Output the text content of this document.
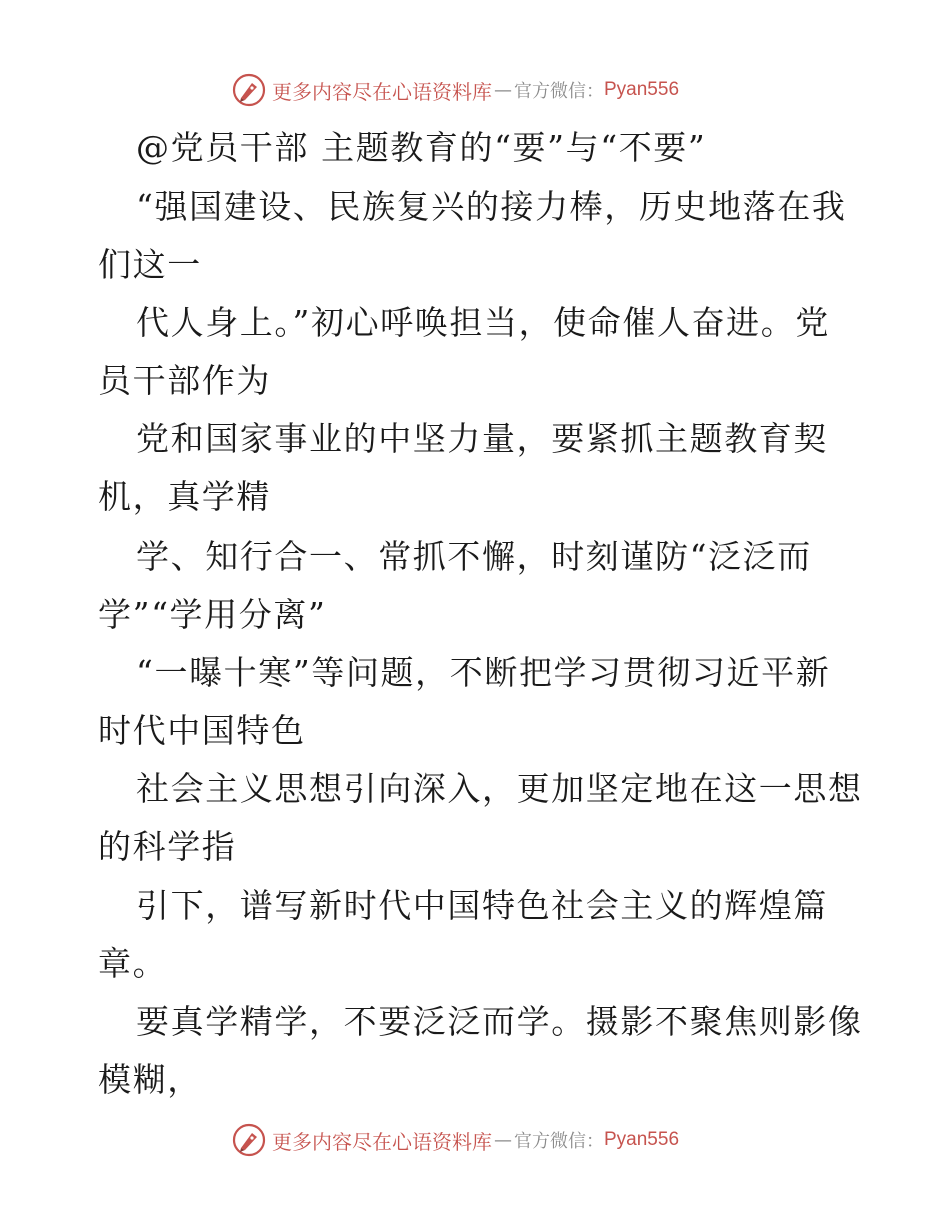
更多内容尽在心语资料库 — 官方微信： Pyan556
@党员干部 主题教育的“要”与“不要”
“强国建设、民族复兴的接力棒，历史地落在我
们这一
代人身上。”初心呼唤担当，使命催人奋进。党
员干部作为
党和国家事业的中坚力量，要紧抓主题教育契
机，真学精
学、知行合一、常抓不懈，时刻谨防“泛泛而
学”“学用分离”
“一曝十寒”等问题，不断把学习贯彻习近平新
时代中国特色
社会主义思想引向深入，更加坚定地在这一思想
的科学指
引下，谱写新时代中国特色社会主义的辉煌篇
章。
要真学精学，不要泛泛而学。摄影不聚焦则影像
模糊，
更多内容尽在心语资料库 — 官方微信： Pyan556
